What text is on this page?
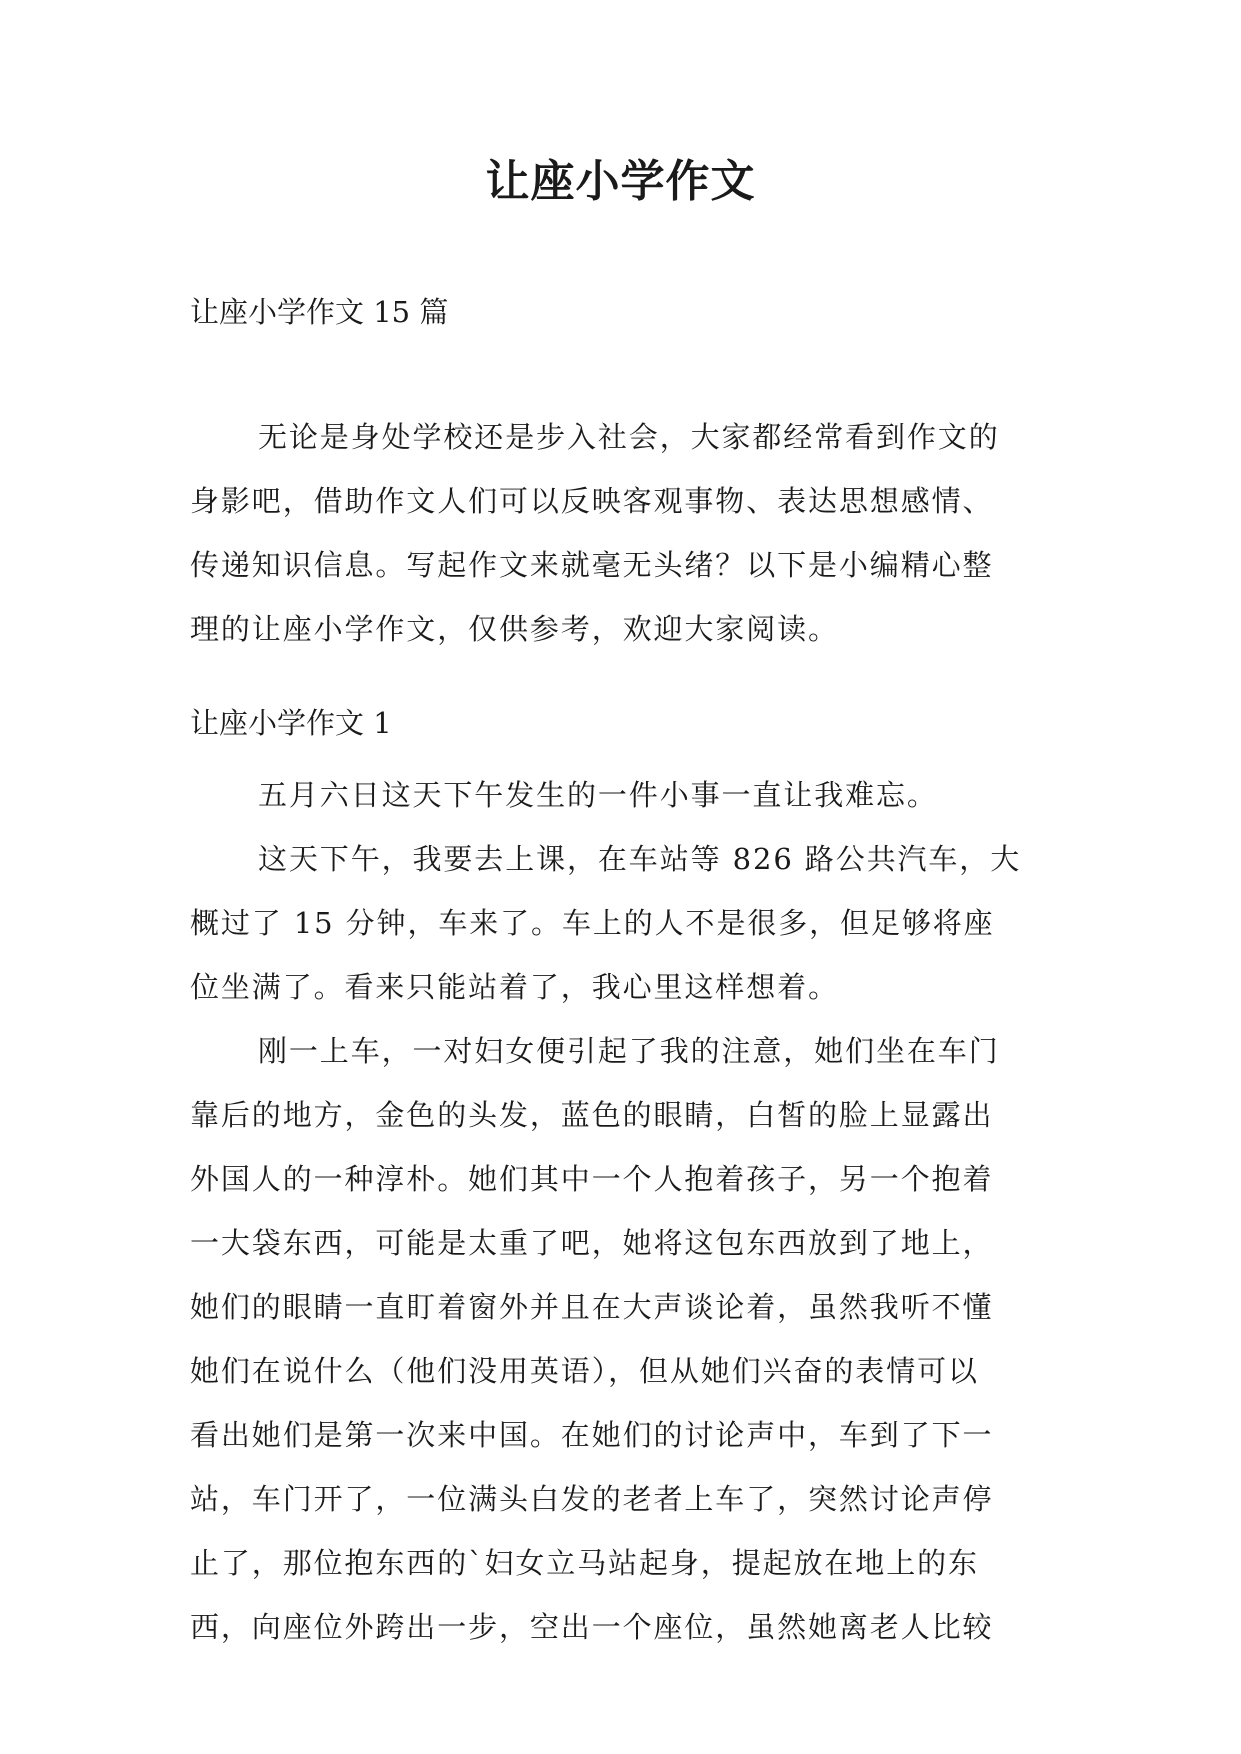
让座小学作文

让座小学作文 15 篇

无论是身处学校还是步入社会，大家都经常看到作文的

身影吧，借助作文人们可以反映客观事物、表达思想感情、

传递知识信息。写起作文来就毫无头绪？以下是小编精心整

理的让座小学作文，仅供参考，欢迎大家阅读。

让座小学作文 1

五月六日这天下午发生的一件小事一直让我难忘。

这天下午，我要去上课，在车站等 826 路公共汽车，大

概过了 15 分钟，车来了。车上的人不是很多，但足够将座

位坐满了。看来只能站着了，我心里这样想着。

刚一上车，一对妇女便引起了我的注意，她们坐在车门

靠后的地方，金色的头发，蓝色的眼睛，白皙的脸上显露出

外国人的一种淳朴。她们其中一个人抱着孩子，另一个抱着

一大袋东西，可能是太重了吧，她将这包东西放到了地上，

她们的眼睛一直盯着窗外并且在大声谈论着，虽然我听不懂

她们在说什么（他们没用英语），但从她们兴奋的表情可以

看出她们是第一次来中国。在她们的讨论声中，车到了下一

站，车门开了，一位满头白发的老者上车了，突然讨论声停

止了，那位抱东西的`妇女立马站起身，提起放在地上的东

西，向座位外跨出一步，空出一个座位，虽然她离老人比较
